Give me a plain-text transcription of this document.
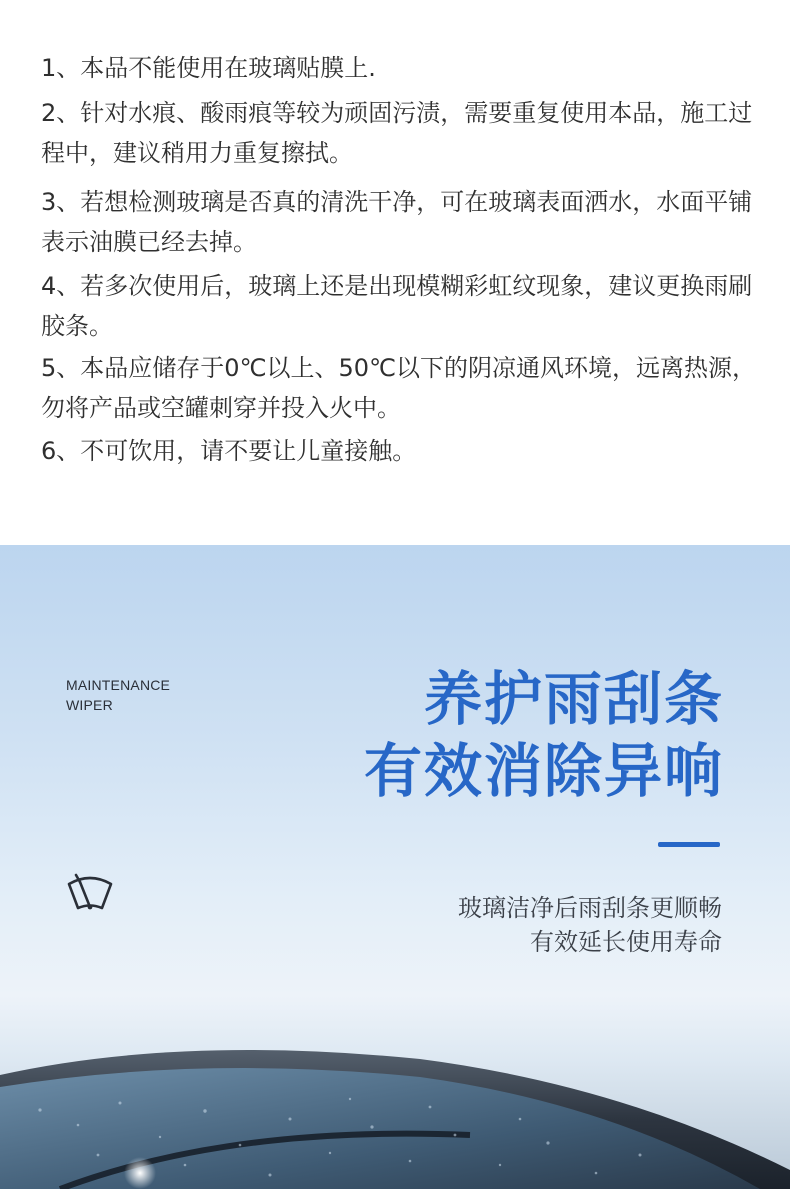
1、本品不能使用在玻璃贴膜上.
2、针对水痕、酸雨痕等较为顽固污渍，需要重复使用本品，施工过程中，建议稍用力重复擦拭。
3、若想检测玻璃是否真的清洗干净，可在玻璃表面洒水，水面平铺表示油膜已经去掉。
4、若多次使用后，玻璃上还是出现模糊彩虹纹现象，建议更换雨刷胶条。
5、本品应储存于0℃以上、50℃以下的阴凉通风环境，远离热源，勿将产品或空罐刺穿并投入火中。
6、不可饮用，请不要让儿童接触。
MAINTENANCE
WIPER	养护雨刮条
有效消除异响
玻璃洁净后雨刮条更顺畅
有效延长使用寿命
